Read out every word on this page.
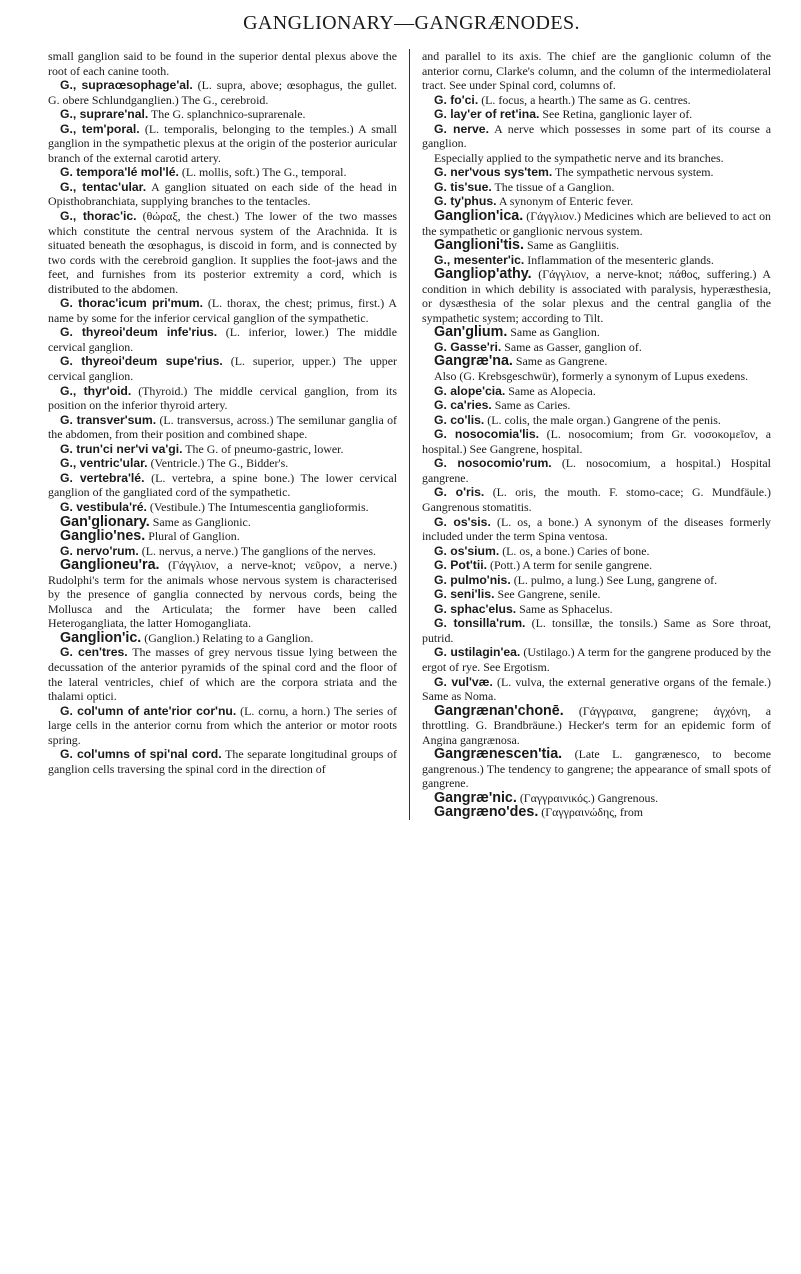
GANGLIONARY—GANGRÆNODES.

small ganglion said to be found in the superior dental plexus above the root of each canine tooth.

G., supraœsophage'al. (L. supra, above; œsophagus, the gullet. G. obere Schlundganglien.) The G., cerebroid.

G., suprare'nal. The G. splanchnico-suprarenale.

G., tem'poral. (L. temporalis, belonging to the temples.) A small ganglion in the sympathetic plexus at the origin of the posterior auricular branch of the external carotid artery.

G. tempora'lé mol'lé. (L. mollis, soft.) The G., temporal.

G., tentac'ular. A ganglion situated on each side of the head in Opisthobranchiata, supplying branches to the tentacles.

G., thorac'ic. (θώραξ, the chest.) The lower of the two masses which constitute the central nervous system of the Arachnida. It is situated beneath the œsophagus, is discoid in form, and is connected by two cords with the cerebroid ganglion. It supplies the foot-jaws and the feet, and furnishes from its posterior extremity a cord, which is distributed to the abdomen.

G. thorac'icum pri'mum. (L. thorax, the chest; primus, first.) A name by some for the inferior cervical ganglion of the sympathetic.

G. thyreoi'deum infe'rius. (L. inferior, lower.) The middle cervical ganglion.

G. thyreoi'deum supe'rius. (L. superior, upper.) The upper cervical ganglion.

G., thyr'oid. (Thyroid.) The middle cervical ganglion, from its position on the inferior thyroid artery.

G. transver'sum. (L. transversus, across.) The semilunar ganglia of the abdomen, from their position and combined shape.

G. trun'ci ner'vi va'gi. The G. of pneumo-gastric, lower.

G., ventric'ular. (Ventricle.) The G., Bidder's.

G. vertebra'lé. (L. vertebra, a spine bone.) The lower cervical ganglion of the gangliated cord of the sympathetic.

G. vestibula'ré. (Vestibule.) The Intumescentia ganglioformis.

Gan'glionary. Same as Ganglionic.

Ganglio'nes. Plural of Ganglion.

G. nervo'rum. (L. nervus, a nerve.) The ganglions of the nerves.

Ganglioneu'ra. (Γάγγλιον, a nerve-knot; νεῦρον, a nerve.) Rudolphi's term for the animals whose nervous system is characterised by the presence of ganglia connected by nervous cords, being the Mollusca and the Articulata; the former have been called Heterogangliata, the latter Homogangliata.

Ganglion'ic. (Ganglion.) Relating to a Ganglion.

G. cen'tres. The masses of grey nervous tissue lying between the decussation of the anterior pyramids of the spinal cord and the floor of the lateral ventricles, chief of which are the corpora striata and the thalami optici.

G. col'umn of ante'rior cor'nu. (L. cornu, a horn.) The series of large cells in the anterior cornu from which the anterior or motor roots spring.

G. col'umns of spi'nal cord. The separate longitudinal groups of ganglion cells traversing the spinal cord in the direction of

and parallel to its axis. The chief are the ganglionic column of the anterior cornu, Clarke's column, and the column of the intermediolateral tract. See under Spinal cord, columns of.

G. fo'ci. (L. focus, a hearth.) The same as G. centres.

G. lay'er of ret'ina. See Retina, ganglionic layer of.

G. nerve. A nerve which possesses in some part of its course a ganglion.

Especially applied to the sympathetic nerve and its branches.

G. ner'vous sys'tem. The sympathetic nervous system.

G. tis'sue. The tissue of a Ganglion.

G. ty'phus. A synonym of Enteric fever.

Ganglion'ica. (Γάγγλιον.) Medicines which are believed to act on the sympathetic or ganglionic nervous system.

Ganglioni'tis. Same as Gangliitis.

G., mesenter'ic. Inflammation of the mesenteric glands.

Gangliop'athy. (Γάγγλιον, a nerve-knot; πάθος, suffering.) A condition in which debility is associated with paralysis, hyperæsthesia, or dysæsthesia of the solar plexus and the central ganglia of the sympathetic system; according to Tilt.

Gan'glium. Same as Ganglion.

G. Gasse'ri. Same as Gasser, ganglion of.

Gangræ'na. Same as Gangrene.

Also (G. Krebsgeschwür), formerly a synonym of Lupus exedens.

G. alope'cia. Same as Alopecia.

G. ca'ries. Same as Caries.

G. co'lis. (L. colis, the male organ.) Gangrene of the penis.

G. nosocomia'lis. (L. nosocomium; from Gr. νοσοκομεῖον, a hospital.) See Gangrene, hospital.

G. nosocomio'rum. (L. nosocomium, a hospital.) Hospital gangrene.

G. o'ris. (L. oris, the mouth. F. stomo-cace; G. Mundfäule.) Gangrenous stomatitis.

G. os'sis. (L. os, a bone.) A synonym of the diseases formerly included under the term Spina ventosa.

G. os'sium. (L. os, a bone.) Caries of bone.

G. Pot'tii. (Pott.) A term for senile gangrene.

G. pulmo'nis. (L. pulmo, a lung.) See Lung, gangrene of.

G. seni'lis. See Gangrene, senile.

G. sphac'elus. Same as Sphacelus.

G. tonsilla'rum. (L. tonsillæ, the tonsils.) Same as Sore throat, putrid.

G. ustilagin'ea. (Ustilago.) A term for the gangrene produced by the ergot of rye. See Ergotism.

G. vul'væ. (L. vulva, the external generative organs of the female.) Same as Noma.

Gangrænan'chonē. (Γάγγραινα, gangrene; ἀγχόνη, a throttling. G. Brandbräune.) Hecker's term for an epidemic form of Angina gangrænosa.

Gangrænescen'tia. (Late L. gangrænesco, to become gangrenous.) The tendency to gangrene; the appearance of small spots of gangrene.

Gangræ'nic. (Γαγγραινικός.) Gangrenous.

Gangræno'des. (Γαγγραινώδης, from
